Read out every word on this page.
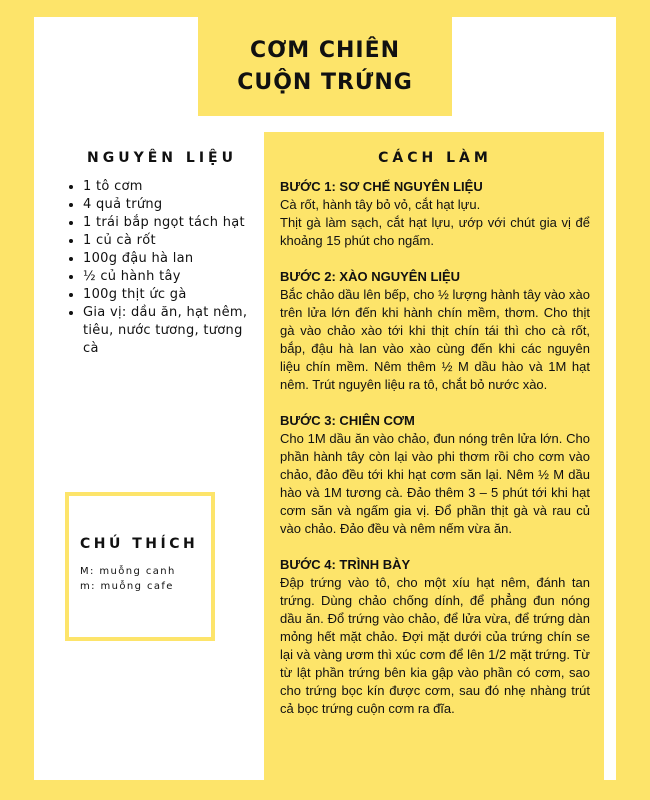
CƠM CHIÊN
CUỘN TRỨNG
NGUYÊN LIỆU
• 1 tô cơm
• 4 quả trứng
• 1 trái bắp ngọt tách hạt
• 1 củ cà rốt
• 100g đậu hà lan
• ½ củ hành tây
• 100g thịt ức gà
• Gia vị: dầu ăn, hạt nêm, tiêu, nước tương, tương cà
CHÚ THÍCH
M: muỗng canh
m: muỗng cafe
CÁCH LÀM
BƯỚC 1: SƠ CHẾ NGUYÊN LIỆU
Cà rốt, hành tây bỏ vỏ, cắt hạt lựu.
Thịt gà làm sạch, cắt hạt lựu, ướp với chút gia vị để khoảng 15 phút cho ngấm.
BƯỚC 2: XÀO NGUYÊN LIỆU
Bắc chảo dầu lên bếp, cho ½ lượng hành tây vào xào trên lửa lớn đến khi hành chín mềm, thơm. Cho thịt gà vào chảo xào tới khi thịt chín tái thì cho cà rốt, bắp, đậu hà lan vào xào cùng đến khi các nguyên liệu chín mềm. Nêm thêm ½ M dầu hào và 1M hạt nêm. Trút nguyên liệu ra tô, chắt bỏ nước xào.
BƯỚC 3: CHIÊN CƠM
Cho 1M dầu ăn vào chảo, đun nóng trên lửa lớn. Cho phần hành tây còn lại vào phi thơm rồi cho cơm vào chảo, đảo đều tới khi hạt cơm săn lại. Nêm ½ M dầu hào và 1M tương cà. Đảo thêm 3 – 5 phút tới khi hạt cơm săn và ngấm gia vị. Đổ phần thịt gà và rau củ vào chảo. Đảo đều và nêm nếm vừa ăn.
BƯỚC 4: TRÌNH BÀY
Đập trứng vào tô, cho một xíu hạt nêm, đánh tan trứng. Dùng chảo chống dính, để phẳng đun nóng dầu ăn. Đổ trứng vào chảo, để lửa vừa, để trứng dàn mỏng hết mặt chảo. Đợi mặt dưới của trứng chín se lại và vàng ươm thì xúc cơm để lên 1/2 mặt trứng. Từ từ lật phần trứng bên kia gập vào phần có cơm, sao cho trứng bọc kín được cơm, sau đó nhẹ nhàng trút cả bọc trứng cuộn cơm ra đĩa.
